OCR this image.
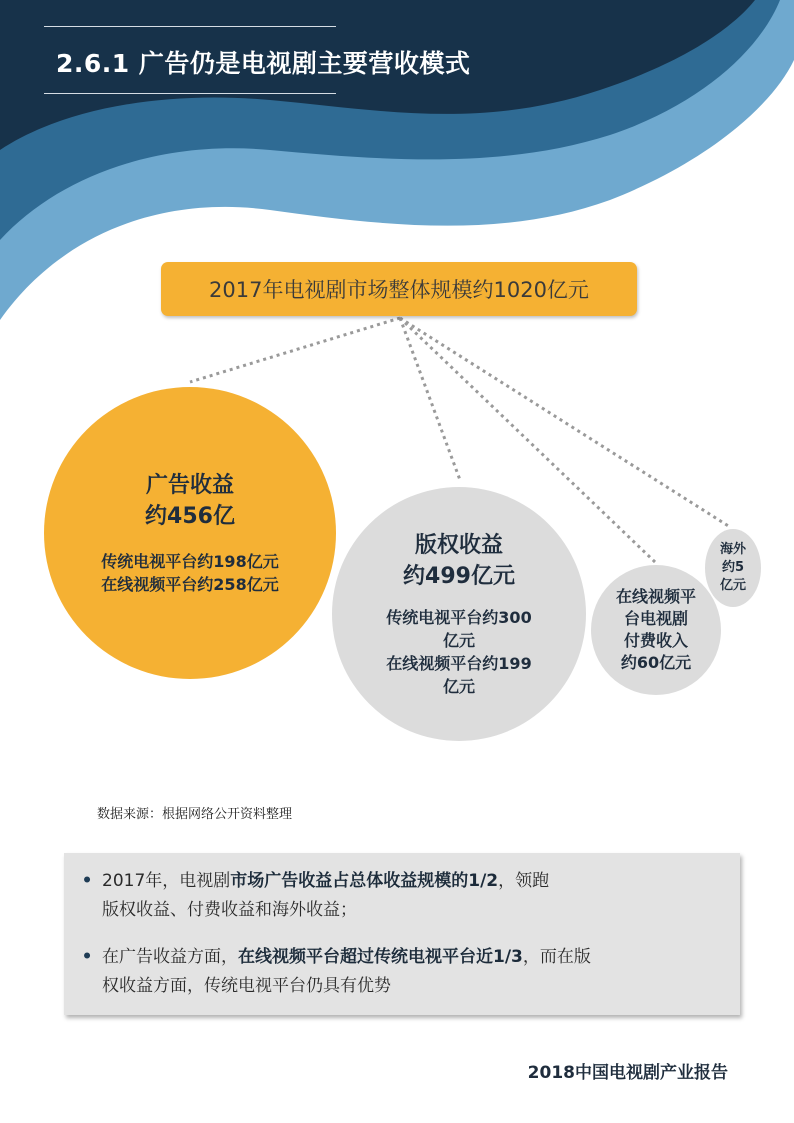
2.6.1 广告仍是电视剧主要营收模式
2017年电视剧市场整体规模约1020亿元
广告收益
约456亿
传统电视平台约198亿元
在线视频平台约258亿元
版权收益
约499亿元
传统电视平台约300
亿元
在线视频平台约199
亿元
在线视频平
台电视剧
付费收入
约60亿元
海外
约5
亿元
数据来源：根据网络公开资料整理
• 2017年，电视剧市场广告收益占总体收益规模的1/2，领跑
版权收益、付费收益和海外收益；
• 在广告收益方面，在线视频平台超过传统电视平台近1/3，而在版
权收益方面，传统电视平台仍具有优势
2018中国电视剧产业报告
